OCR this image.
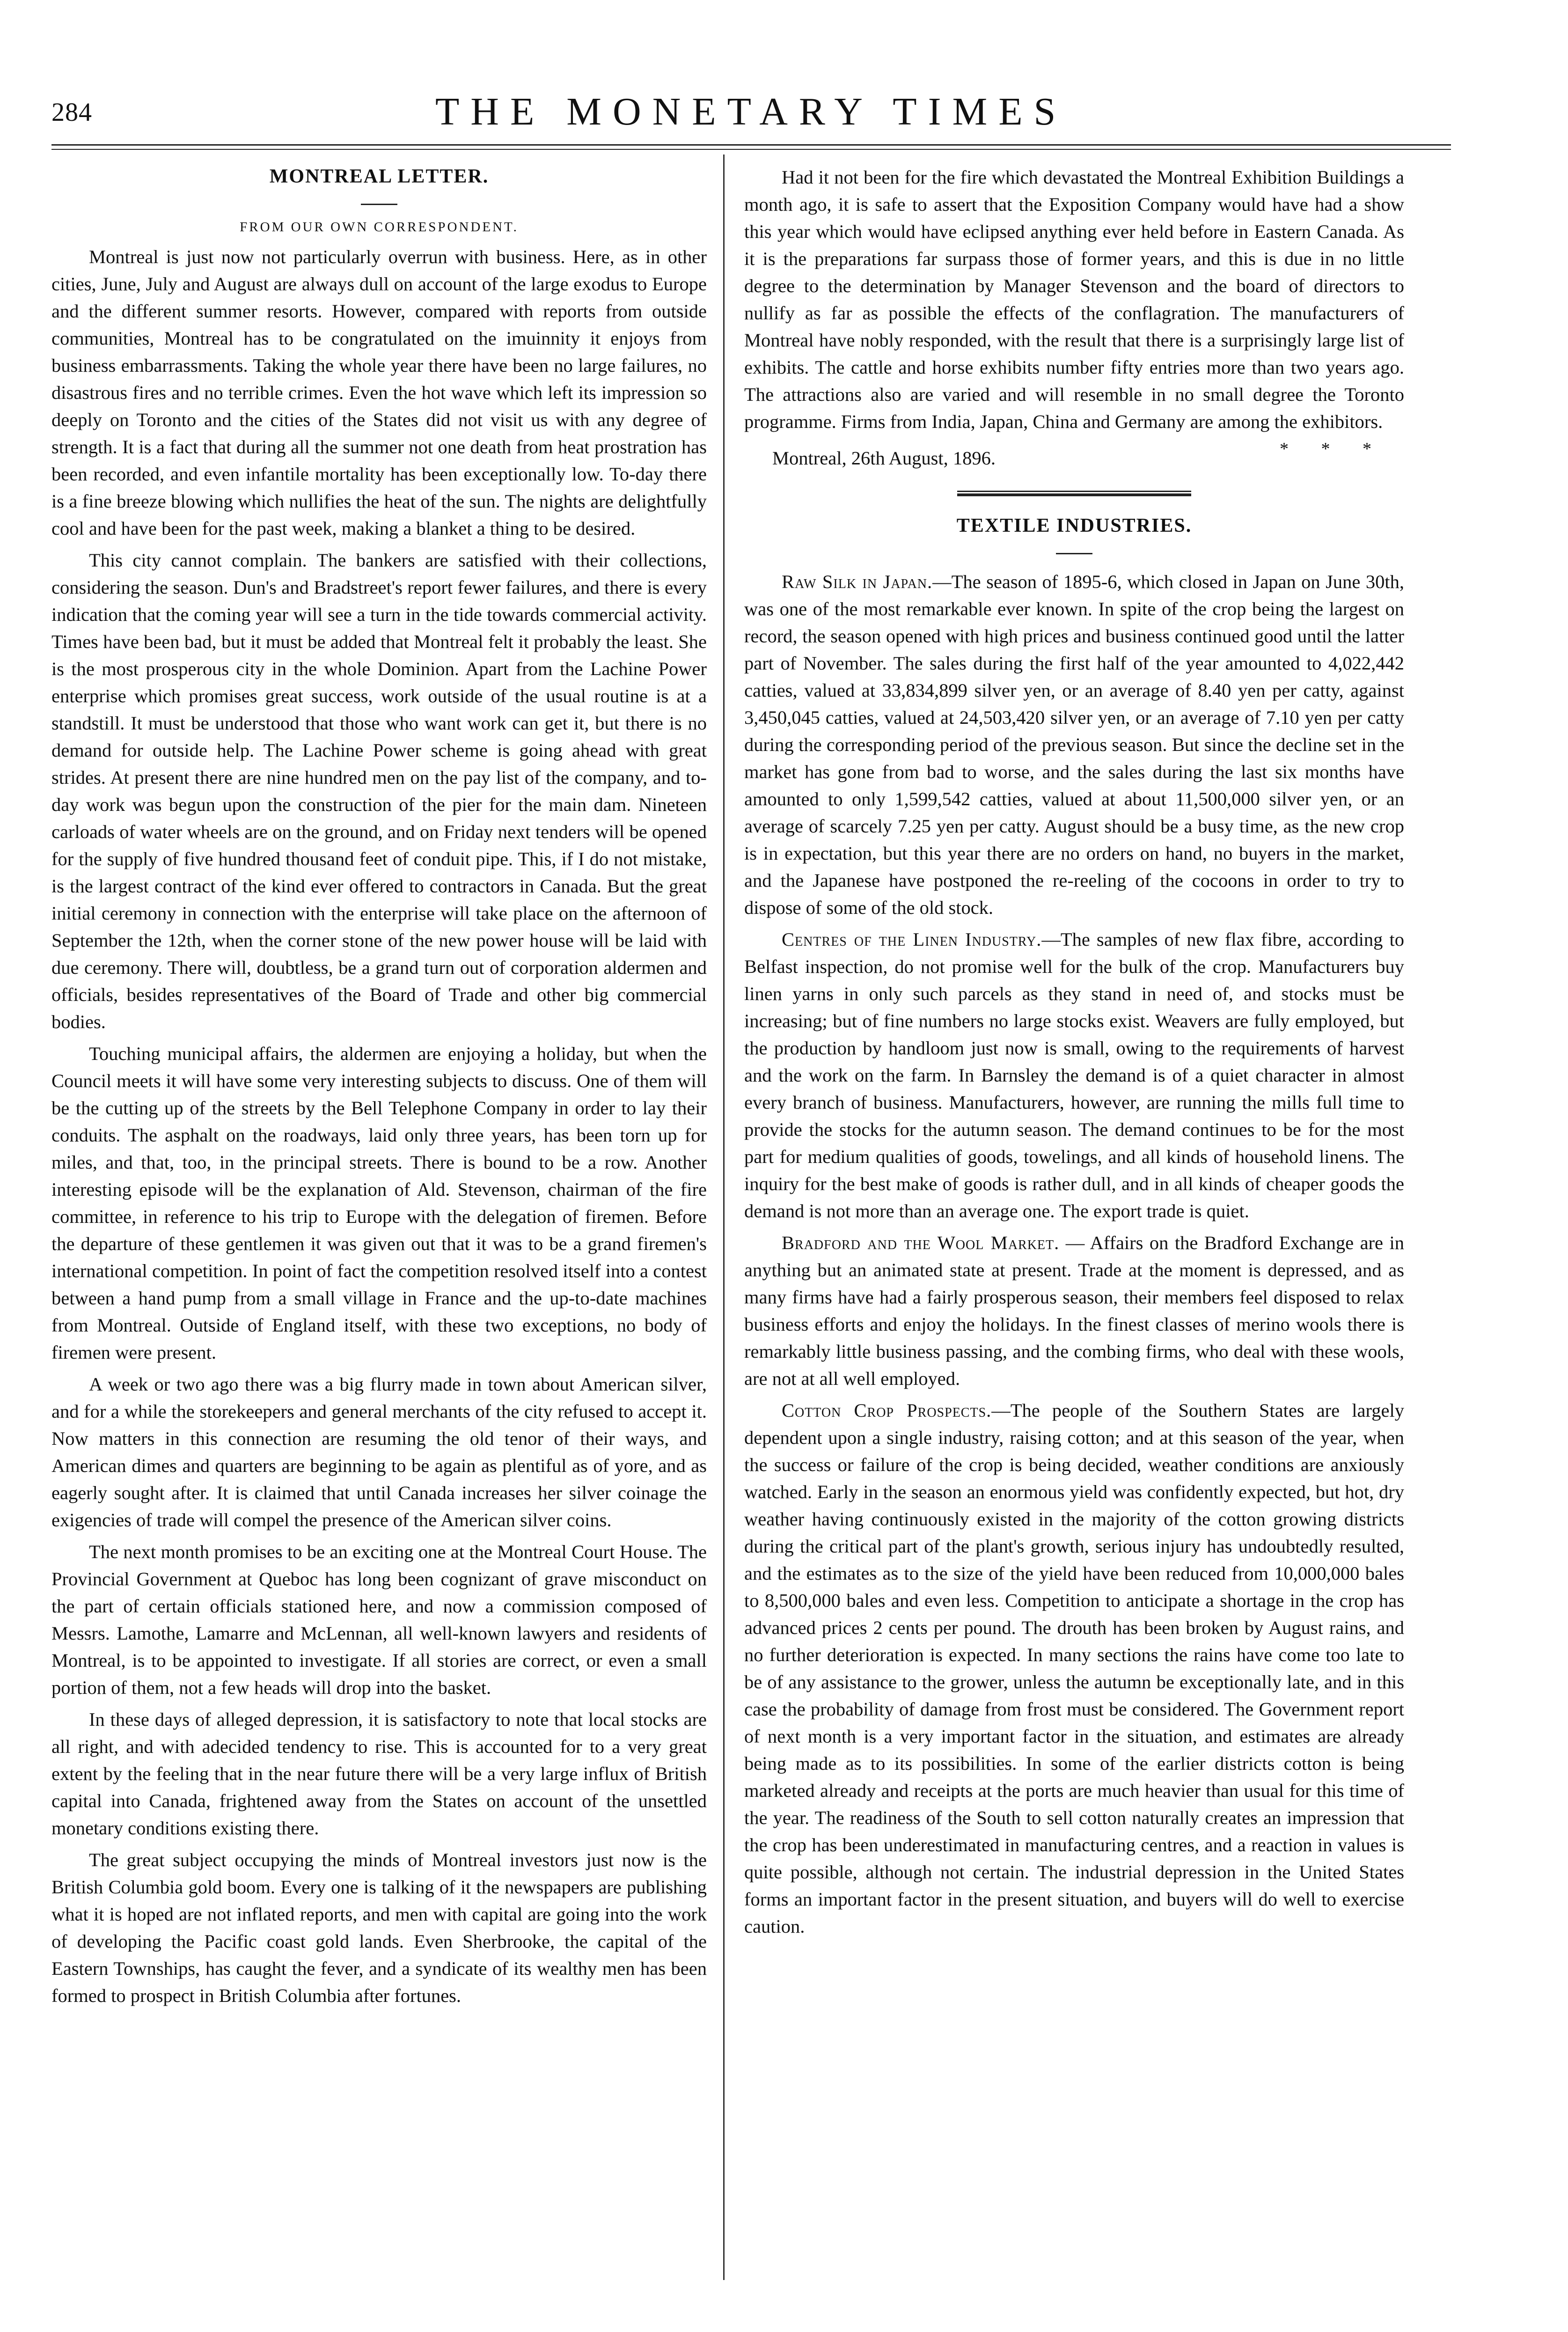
284	THE MONETARY TIMES
MONTREAL LETTER.

FROM OUR OWN CORRESPONDENT.

Montreal is just now not particularly overrun with business. Here, as in other cities, June, July and August are always dull on account of the large exodus to Europe and the different summer resorts. However, compared with reports from outside communities, Montreal has to be congratulated on the imuinnity it enjoys from business embarrassments. Taking the whole year there have been no large failures, no disastrous fires and no terrible crimes. Even the hot wave which left its impression so deeply on Toronto and the cities of the States did not visit us with any degree of strength. It is a fact that during all the summer not one death from heat prostration has been recorded, and even infantile mortality has been exceptionally low. To-day there is a fine breeze blowing which nullifies the heat of the sun. The nights are delightfully cool and have been for the past week, making a blanket a thing to be desired.

This city cannot complain. The bankers are satisfied with their collections, considering the season. Dun's and Bradstreet's report fewer failures, and there is every indication that the coming year will see a turn in the tide towards commercial activity. Times have been bad, but it must be added that Montreal felt it probably the least. She is the most prosperous city in the whole Dominion. Apart from the Lachine Power enterprise which promises great success, work outside of the usual routine is at a standstill. It must be understood that those who want work can get it, but there is no demand for outside help. The Lachine Power scheme is going ahead with great strides. At present there are nine hundred men on the pay list of the company, and to-day work was begun upon the construction of the pier for the main dam. Nineteen carloads of water wheels are on the ground, and on Friday next tenders will be opened for the supply of five hundred thousand feet of conduit pipe. This, if I do not mistake, is the largest contract of the kind ever offered to contractors in Canada. But the great initial ceremony in connection with the enterprise will take place on the afternoon of September the 12th, when the corner stone of the new power house will be laid with due ceremony. There will, doubtless, be a grand turn out of corporation aldermen and officials, besides representatives of the Board of Trade and other big commercial bodies.

Touching municipal affairs, the aldermen are enjoying a holiday, but when the Council meets it will have some very interesting subjects to discuss. One of them will be the cutting up of the streets by the Bell Telephone Company in order to lay their conduits. The asphalt on the roadways, laid only three years, has been torn up for miles, and that, too, in the principal streets. There is bound to be a row. Another interesting episode will be the explanation of Ald. Stevenson, chairman of the fire committee, in reference to his trip to Europe with the delegation of firemen. Before the departure of these gentlemen it was given out that it was to be a grand firemen's international competition. In point of fact the competition resolved itself into a contest between a hand pump from a small village in France and the up-to-date machines from Montreal. Outside of England itself, with these two exceptions, no body of firemen were present.

A week or two ago there was a big flurry made in town about American silver, and for a while the storekeepers and general merchants of the city refused to accept it. Now matters in this connection are resuming the old tenor of their ways, and American dimes and quarters are beginning to be again as plentiful as of yore, and as eagerly sought after. It is claimed that until Canada increases her silver coinage the exigencies of trade will compel the presence of the American silver coins.

The next month promises to be an exciting one at the Montreal Court House. The Provincial Government at Queboc has long been cognizant of grave misconduct on the part of certain officials stationed here, and now a commission composed of Messrs. Lamothe, Lamarre and McLennan, all well-known lawyers and residents of Montreal, is to be appointed to investigate. If all stories are correct, or even a small portion of them, not a few heads will drop into the basket.

In these days of alleged depression, it is satisfactory to note that local stocks are all right, and with adecided tendency to rise. This is accounted for to a very great extent by the feeling that in the near future there will be a very large influx of British capital into Canada, frightened away from the States on account of the unsettled monetary conditions existing there.

The great subject occupying the minds of Montreal investors just now is the British Columbia gold boom. Every one is talking of it the newspapers are publishing what it is hoped are not inflated reports, and men with capital are going into the work of developing the Pacific coast gold lands. Even Sherbrooke, the capital of the Eastern Townships, has caught the fever, and a syndicate of its wealthy men has been formed to prospect in British Columbia after fortunes.

Had it not been for the fire which devastated the Montreal Exhibition Buildings a month ago, it is safe to assert that the Exposition Company would have had a show this year which would have eclipsed anything ever held before in Eastern Canada. As it is the preparations far surpass those of former years, and this is due in no little degree to the determination by Manager Stevenson and the board of directors to nullify as far as possible the effects of the conflagration. The manufacturers of Montreal have nobly responded, with the result that there is a surprisingly large list of exhibits. The cattle and horse exhibits number fifty entries more than two years ago. The attractions also are varied and will resemble in no small degree the Toronto programme. Firms from India, Japan, China and Germany are among the exhibitors.
* * *

Montreal, 26th August, 1896.

TEXTILE INDUSTRIES.

Raw Silk in Japan.—The season of 1895-6, which closed in Japan on June 30th, was one of the most remarkable ever known. In spite of the crop being the largest on record, the season opened with high prices and business continued good until the latter part of November. The sales during the first half of the year amounted to 4,022,442 catties, valued at 33,834,899 silver yen, or an average of 8.40 yen per catty, against 3,450,045 catties, valued at 24,503,420 silver yen, or an average of 7.10 yen per catty during the corresponding period of the previous season. But since the decline set in the market has gone from bad to worse, and the sales during the last six months have amounted to only 1,599,542 catties, valued at about 11,500,000 silver yen, or an average of scarcely 7.25 yen per catty. August should be a busy time, as the new crop is in expectation, but this year there are no orders on hand, no buyers in the market, and the Japanese have postponed the re-reeling of the cocoons in order to try to dispose of some of the old stock.

Centres of the Linen Industry.—The samples of new flax fibre, according to Belfast inspection, do not promise well for the bulk of the crop. Manufacturers buy linen yarns in only such parcels as they stand in need of, and stocks must be increasing; but of fine numbers no large stocks exist. Weavers are fully employed, but the production by handloom just now is small, owing to the requirements of harvest and the work on the farm. In Barnsley the demand is of a quiet character in almost every branch of business. Manufacturers, however, are running the mills full time to provide the stocks for the autumn season. The demand continues to be for the most part for medium qualities of goods, towelings, and all kinds of household linens. The inquiry for the best make of goods is rather dull, and in all kinds of cheaper goods the demand is not more than an average one. The export trade is quiet.

Bradford and the Wool Market. — Affairs on the Bradford Exchange are in anything but an animated state at present. Trade at the moment is depressed, and as many firms have had a fairly prosperous season, their members feel disposed to relax business efforts and enjoy the holidays. In the finest classes of merino wools there is remarkably little business passing, and the combing firms, who deal with these wools, are not at all well employed.

Cotton Crop Prospects.—The people of the Southern States are largely dependent upon a single industry, raising cotton; and at this season of the year, when the success or failure of the crop is being decided, weather conditions are anxiously watched. Early in the season an enormous yield was confidently expected, but hot, dry weather having continuously existed in the majority of the cotton growing districts during the critical part of the plant's growth, serious injury has undoubtedly resulted, and the estimates as to the size of the yield have been reduced from 10,000,000 bales to 8,500,000 bales and even less. Competition to anticipate a shortage in the crop has advanced prices 2 cents per pound. The drouth has been broken by August rains, and no further deterioration is expected. In many sections the rains have come too late to be of any assistance to the grower, unless the autumn be exceptionally late, and in this case the probability of damage from frost must be considered. The Government report of next month is a very important factor in the situation, and estimates are already being made as to its possibilities. In some of the earlier districts cotton is being marketed already and receipts at the ports are much heavier than usual for this time of the year. The readiness of the South to sell cotton naturally creates an impression that the crop has been underestimated in manufacturing centres, and a reaction in values is quite possible, although not certain. The industrial depression in the United States forms an important factor in the present situation, and buyers will do well to exercise caution.
